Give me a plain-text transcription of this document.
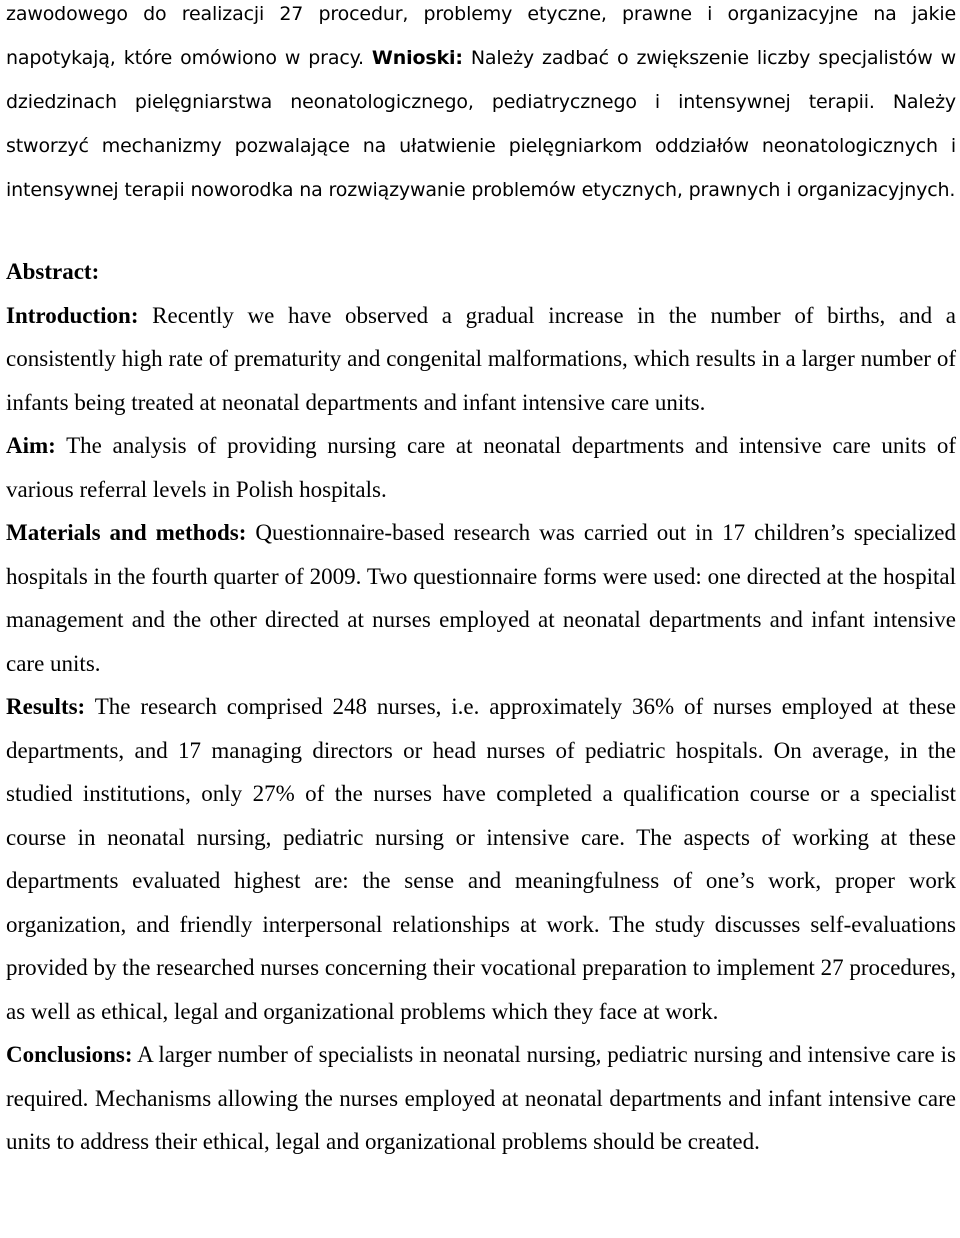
zawodowego do realizacji 27 procedur, problemy etyczne, prawne i organizacyjne na jakie napotykają, które omówiono w pracy. Wnioski: Należy zadbać o zwiększenie liczby specjalistów w dziedzinach pielęgniarstwa neonatologicznego, pediatrycznego i intensywnej terapii. Należy stworzyć mechanizmy pozwalające na ułatwienie pielęgniarkom oddziałów neonatologicznych i intensywnej terapii noworodka na rozwiązywanie problemów etycznych, prawnych i organizacyjnych.
Abstract:
Introduction: Recently we have observed a gradual increase in the number of births, and a consistently high rate of prematurity and congenital malformations, which results in a larger number of infants being treated at neonatal departments and infant intensive care units.
Aim: The analysis of providing nursing care at neonatal departments and intensive care units of various referral levels in Polish hospitals.
Materials and methods: Questionnaire-based research was carried out in 17 children’s specialized hospitals in the fourth quarter of 2009. Two questionnaire forms were used: one directed at the hospital management and the other directed at nurses employed at neonatal departments and infant intensive care units.
Results: The research comprised 248 nurses, i.e. approximately 36% of nurses employed at these departments, and 17 managing directors or head nurses of pediatric hospitals. On average, in the studied institutions, only 27% of the nurses have completed a qualification course or a specialist course in neonatal nursing, pediatric nursing or intensive care. The aspects of working at these departments evaluated highest are: the sense and meaningfulness of one’s work, proper work organization, and friendly interpersonal relationships at work. The study discusses self-evaluations provided by the researched nurses concerning their vocational preparation to implement 27 procedures, as well as ethical, legal and organizational problems which they face at work.
Conclusions: A larger number of specialists in neonatal nursing, pediatric nursing and intensive care is required. Mechanisms allowing the nurses employed at neonatal departments and infant intensive care units to address their ethical, legal and organizational problems should be created.
